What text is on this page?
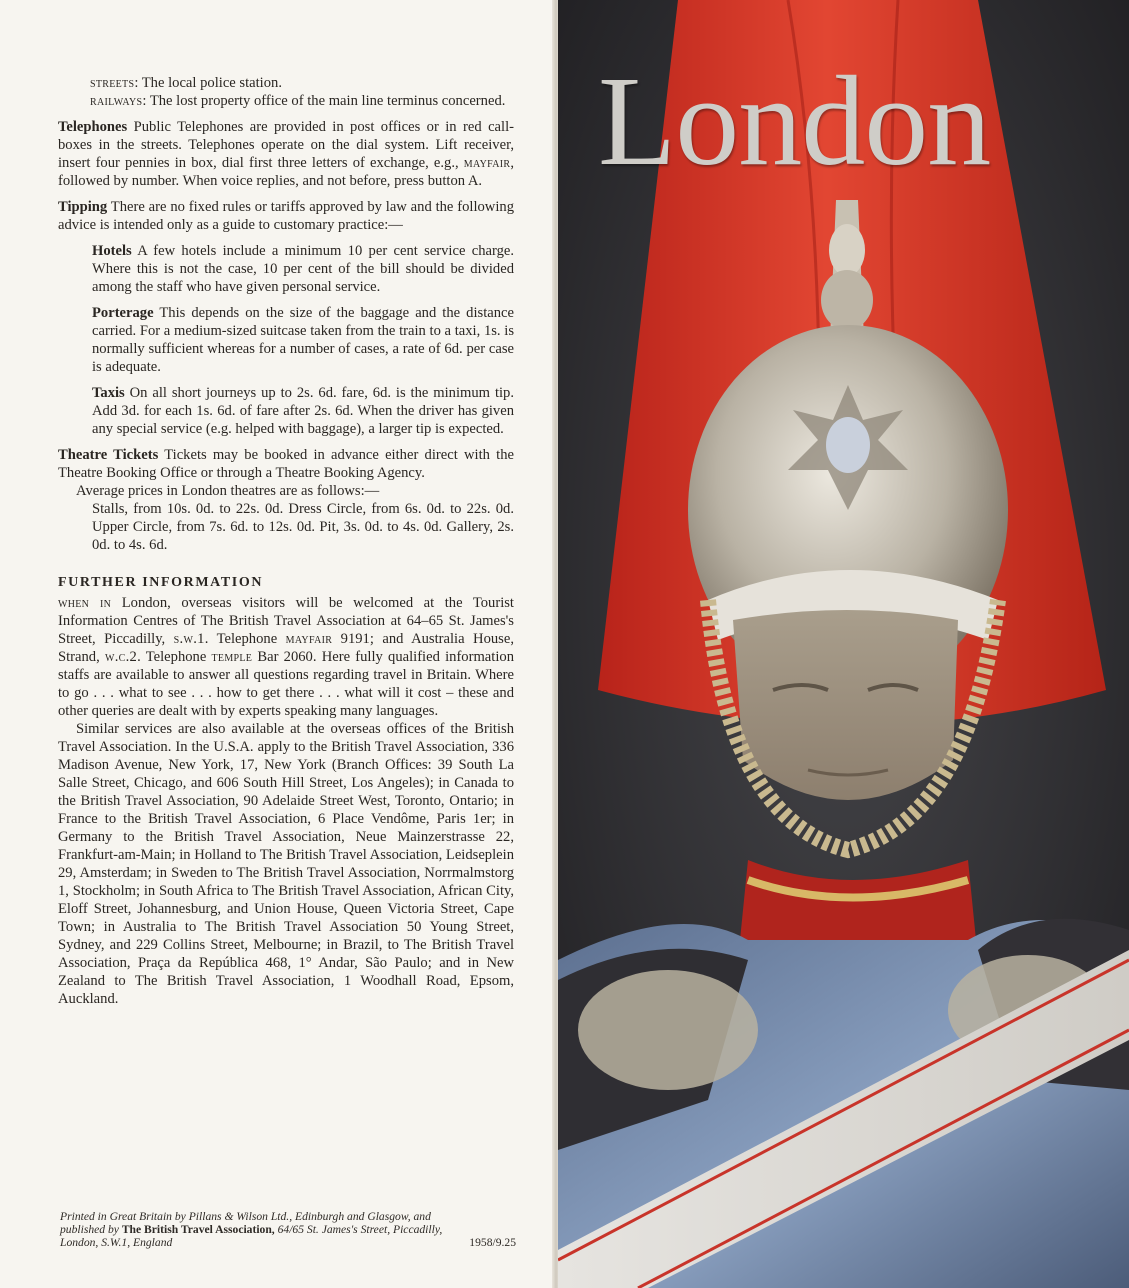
streets: The local police station.

railways: The lost property office of the main line terminus concerned.

Telephones Public Telephones are provided in post offices or in red call-boxes in the streets. Telephones operate on the dial system. Lift receiver, insert four pennies in box, dial first three letters of exchange, e.g., mayfair, followed by number. When voice replies, and not before, press button A.

Tipping There are no fixed rules or tariffs approved by law and the following advice is intended only as a guide to customary practice:—

Hotels A few hotels include a minimum 10 per cent service charge. Where this is not the case, 10 per cent of the bill should be divided among the staff who have given personal service.

Porterage This depends on the size of the baggage and the distance carried. For a medium-sized suitcase taken from the train to a taxi, 1s. is normally sufficient whereas for a number of cases, a rate of 6d. per case is adequate.

Taxis On all short journeys up to 2s. 6d. fare, 6d. is the minimum tip. Add 3d. for each 1s. 6d. of fare after 2s. 6d. When the driver has given any special service (e.g. helped with baggage), a larger tip is expected.

Theatre Tickets Tickets may be booked in advance either direct with the Theatre Booking Office or through a Theatre Booking Agency.

Average prices in London theatres are as follows:—

Stalls, from 10s. 0d. to 22s. 0d. Dress Circle, from 6s. 0d. to 22s. 0d. Upper Circle, from 7s. 6d. to 12s. 0d. Pit, 3s. 0d. to 4s. 0d. Gallery, 2s. 0d. to 4s. 6d.

FURTHER INFORMATION

when in London, overseas visitors will be welcomed at the Tourist Information Centres of The British Travel Association at 64–65 St. James's Street, Piccadilly, s.w.1. Telephone mayfair 9191; and Australia House, Strand, w.c.2. Telephone temple Bar 2060. Here fully qualified information staffs are available to answer all questions regarding travel in Britain. Where to go . . . what to see . . . how to get there . . . what will it cost – these and other queries are dealt with by experts speaking many languages.

Similar services are also available at the overseas offices of the British Travel Association. In the U.S.A. apply to the British Travel Association, 336 Madison Avenue, New York, 17, New York (Branch Offices: 39 South La Salle Street, Chicago, and 606 South Hill Street, Los Angeles); in Canada to the British Travel Association, 90 Adelaide Street West, Toronto, Ontario; in France to the British Travel Association, 6 Place Vendôme, Paris 1er; in Germany to the British Travel Association, Neue Mainzerstrasse 22, Frankfurt-am-Main; in Holland to The British Travel Association, Leidseplein 29, Amsterdam; in Sweden to The British Travel Association, Norrmalmstorg 1, Stockholm; in South Africa to The British Travel Association, African City, Eloff Street, Johannesburg, and Union House, Queen Victoria Street, Cape Town; in Australia to The British Travel Association 50 Young Street, Sydney, and 229 Collins Street, Melbourne; in Brazil, to The British Travel Association, Praça da República 468, 1° Andar, São Paulo; and in New Zealand to The British Travel Association, 1 Woodhall Road, Epsom, Auckland.

Printed in Great Britain by Pillans & Wilson Ltd., Edinburgh and Glasgow, and
published by The British Travel Association, 64/65 St. James's Street, Piccadilly,
London, S.W.1, England	1958/9.25
London
